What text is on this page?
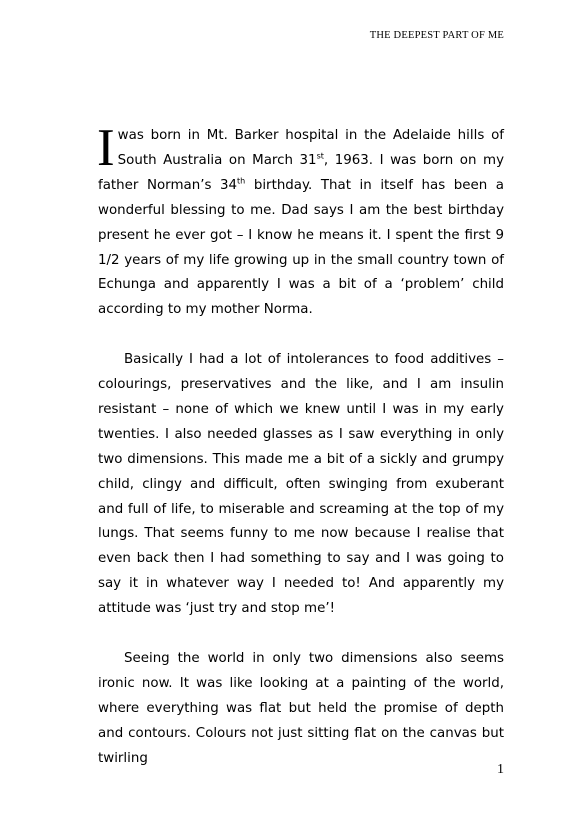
THE DEEPEST PART OF ME

Iwas born in Mt. Barker hospital in the Adelaide hills of South Australia on March 31st, 1963. I was born on my father Norman’s 34th birthday. That in itself has been a wonderful blessing to me. Dad says I am the best birthday present he ever got – I know he means it. I spent the first 9 1/2 years of my life growing up in the small country town of Echunga and apparently I was a bit of a ‘problem’ child according to my mother Norma.

Basically I had a lot of intolerances to food additives – colourings, preservatives and the like, and I am insulin resistant – none of which we knew until I was in my early twenties. I also needed glasses as I saw everything in only two dimensions. This made me a bit of a sickly and grumpy child, clingy and difficult, often swinging from exuberant and full of life, to miserable and screaming at the top of my lungs. That seems funny to me now because I realise that even back then I had something to say and I was going to say it in whatever way I needed to! And apparently my attitude was ‘just try and stop me’!

Seeing the world in only two dimensions also seems ironic now. It was like looking at a painting of the world, where everything was flat but held the promise of depth and contours. Colours not just sitting flat on the canvas but twirling

1
